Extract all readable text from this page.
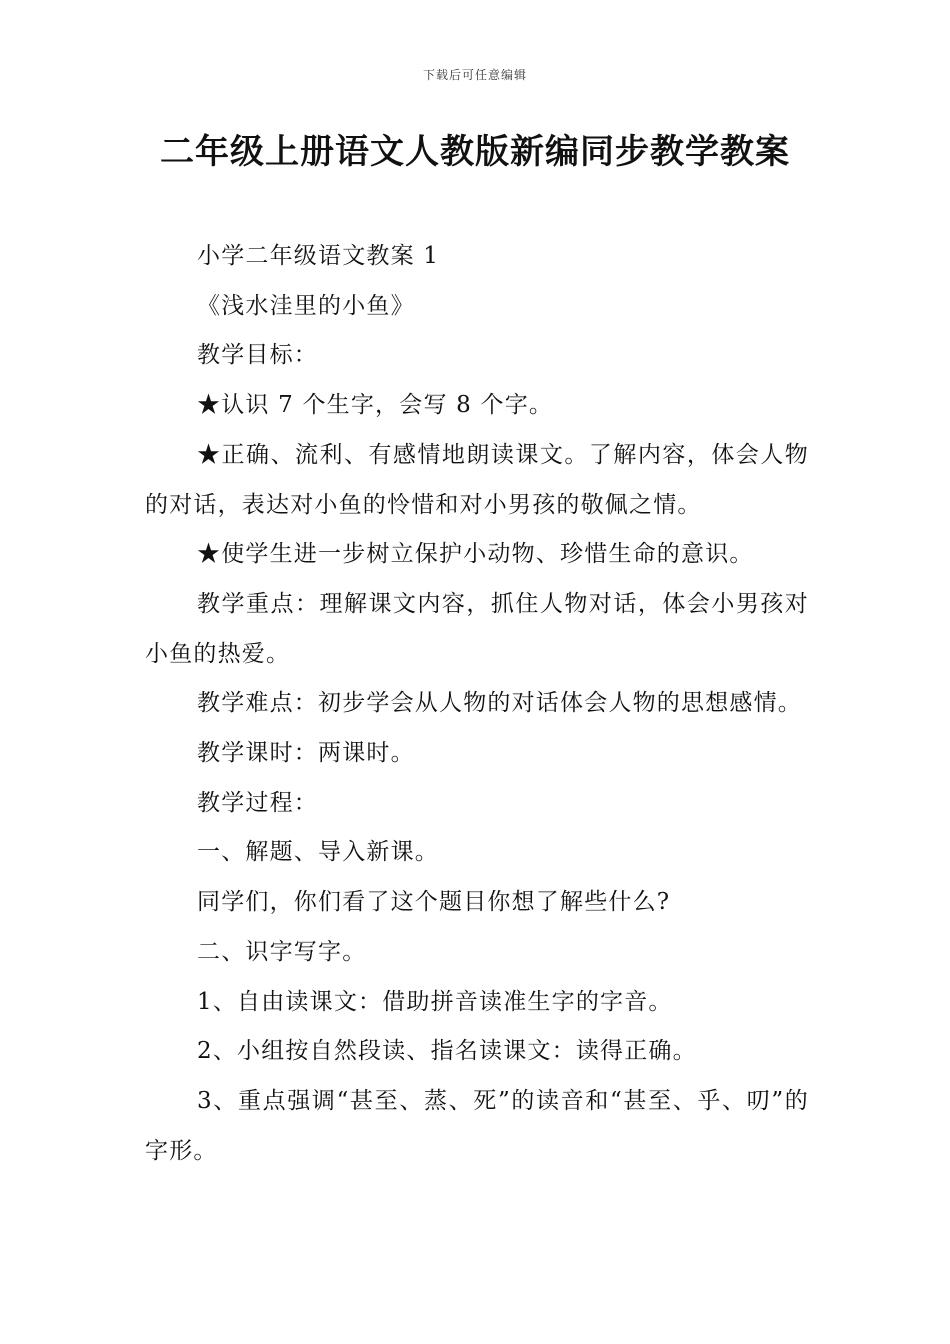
下载后可任意编辑
二年级上册语文人教版新编同步教学教案

小学二年级语文教案 1

《浅水洼里的小鱼》

教学目标：

★认识 7 个生字，会写 8 个字。

★正确、流利、有感情地朗读课文。了解内容，体会人物的对话，表达对小鱼的怜惜和对小男孩的敬佩之情。

★使学生进一步树立保护小动物、珍惜生命的意识。

教学重点：理解课文内容，抓住人物对话，体会小男孩对小鱼的热爱。

教学难点：初步学会从人物的对话体会人物的思想感情。

教学课时：两课时。

教学过程：

一、解题、导入新课。

同学们，你们看了这个题目你想了解些什么?

二、识字写字。

1、自由读课文：借助拼音读准生字的字音。

2、小组按自然段读、指名读课文：读得正确。

3、重点强调“甚至、蒸、死”的读音和“甚至、乎、叨”的字形。
